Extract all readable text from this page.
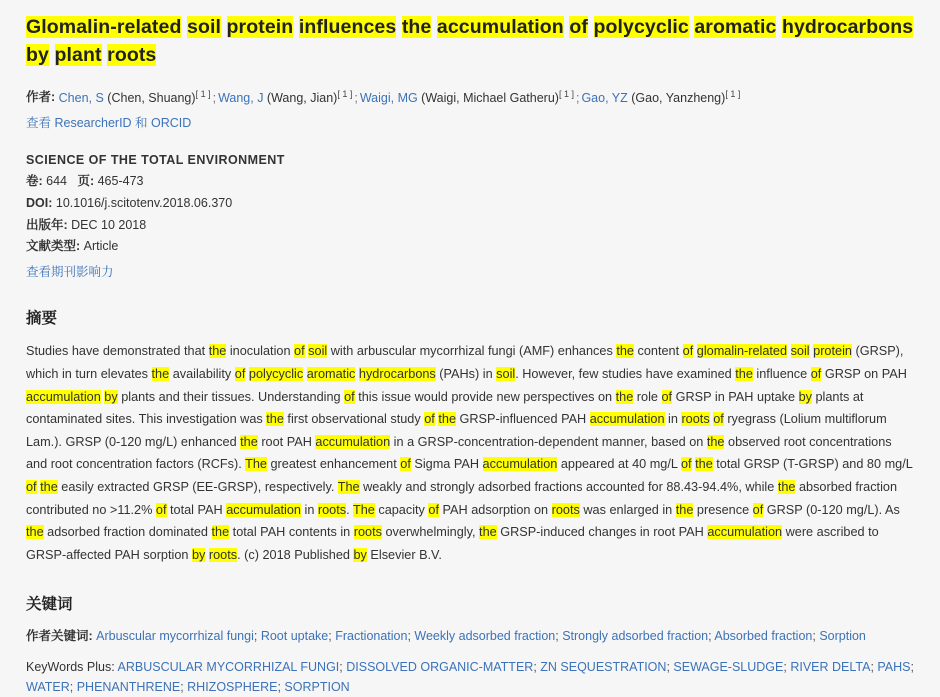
Glomalin-related soil protein influences the accumulation of polycyclic aromatic hydrocarbons by plant roots
作者: Chen, S (Chen, Shuang)[ 1 ] ; Wang, J (Wang, Jian)[ 1 ] ; Waigi, MG (Waigi, Michael Gatheru)[ 1 ] ; Gao, YZ (Gao, Yanzheng)[ 1 ]
查看 ResearcherID 和 ORCID
SCIENCE OF THE TOTAL ENVIRONMENT
卷: 644 页: 465-473
DOI: 10.1016/j.scitotenv.2018.06.370
出版年: DEC 10 2018
文献类型: Article
查看期刊影响力
摘要
Studies have demonstrated that the inoculation of soil with arbuscular mycorrhizal fungi (AMF) enhances the content of glomalin-related soil protein (GRSP), which in turn elevates the availability of polycyclic aromatic hydrocarbons (PAHs) in soil. However, few studies have examined the influence of GRSP on PAH accumulation by plants and their tissues. Understanding of this issue would provide new perspectives on the role of GRSP in PAH uptake by plants at contaminated sites. This investigation was the first observational study of the GRSP-influenced PAH accumulation in roots of ryegrass (Lolium multiflorum Lam.). GRSP (0-120 mg/L) enhanced the root PAH accumulation in a GRSP-concentration-dependent manner, based on the observed root concentrations and root concentration factors (RCFs). The greatest enhancement of Sigma PAH accumulation appeared at 40 mg/L of the total GRSP (T-GRSP) and 80 mg/L of the easily extracted GRSP (EE-GRSP), respectively. The weakly and strongly adsorbed fractions accounted for 88.43-94.4%, while the absorbed fraction contributed no >11.2% of total PAH accumulation in roots. The capacity of PAH adsorption on roots was enlarged in the presence of GRSP (0-120 mg/L). As the adsorbed fraction dominated the total PAH contents in roots overwhelmingly, the GRSP-induced changes in root PAH accumulation were ascribed to GRSP-affected PAH sorption by roots. (c) 2018 Published by Elsevier B.V.
关键词
作者关键词: Arbuscular mycorrhizal fungi; Root uptake; Fractionation; Weekly adsorbed fraction; Strongly adsorbed fraction; Absorbed fraction; Sorption
KeyWords Plus: ARBUSCULAR MYCORRHIZAL FUNGI; DISSOLVED ORGANIC-MATTER; ZN SEQUESTRATION; SEWAGE-SLUDGE; RIVER DELTA; PAHS; WATER; PHENANTHRENE; RHIZOSPHERE; SORPTION
